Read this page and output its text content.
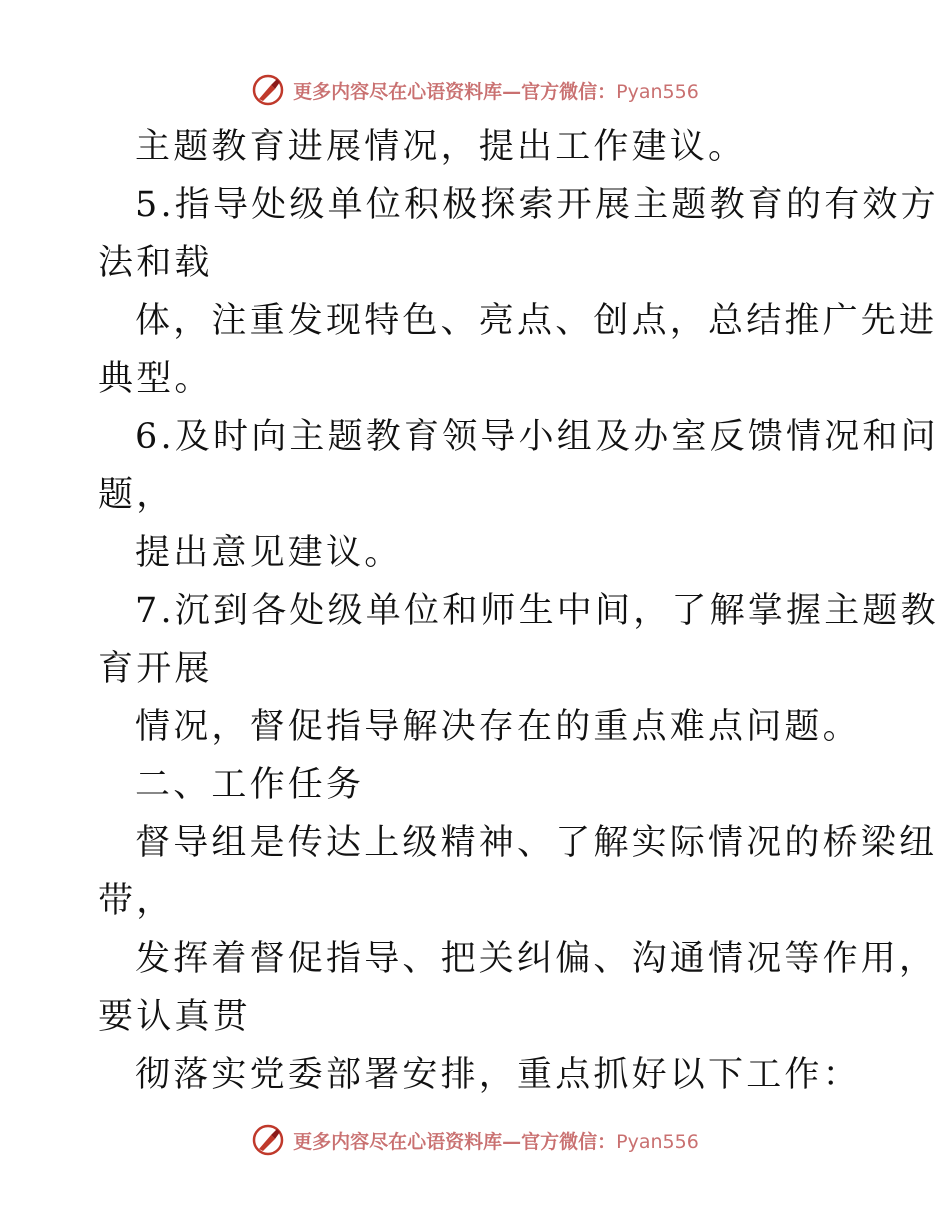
更多内容尽在心语资料库—官方微信：Pyan556
主题教育进展情况，提出工作建议。
5.指导处级单位积极探索开展主题教育的有效方
法和载
体，注重发现特色、亮点、创点，总结推广先进
典型。
6.及时向主题教育领导小组及办室反馈情况和问
题，
提出意见建议。
7.沉到各处级单位和师生中间，了解掌握主题教
育开展
情况，督促指导解决存在的重点难点问题。
二、工作任务
督导组是传达上级精神、了解实际情况的桥梁纽
带，
发挥着督促指导、把关纠偏、沟通情况等作用，
要认真贯
彻落实党委部署安排，重点抓好以下工作：
更多内容尽在心语资料库—官方微信：Pyan556
